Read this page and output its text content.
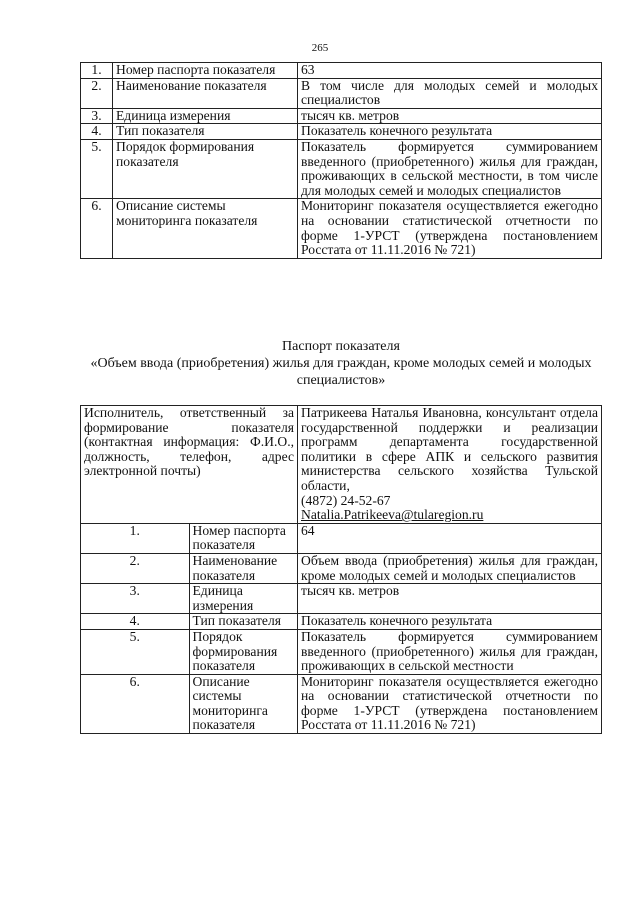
265
1.	Номер паспорта показателя	63
2.	Наименование показателя	В том числе для молодых семей и молодых специалистов
3.	Единица измерения	тысяч кв. метров
4.	Тип показателя	Показатель конечного результата
5.	Порядок формирования показателя	Показатель формируется суммированием введенного (приобретенного) жилья для граждан, проживающих в сельской местности, в том числе для молодых семей и молодых специалистов
6.	Описание системы мониторинга показателя	Мониторинг показателя осуществляется ежегодно на основании статистической отчетности по форме 1-УРСТ (утверждена постановлением Росстата от 11.11.2016 № 721)
Паспорт показателя
«Объем ввода (приобретения) жилья для граждан, кроме молодых семей и молодых специалистов»
Исполнитель, ответственный за формирование показателя (контактная информация: Ф.И.О., должность, телефон, адрес электронной почты)		Патрикеева Наталья Ивановна, консультант отдела государственной поддержки и реализации программ департамента государственной политики в сфере АПК и сельского развития министерства сельского хозяйства Тульской области,
(4872) 24-52-67
Natalia.Patrikeeva@tularegion.ru
1.	Номер паспорта показателя	64
2.	Наименование показателя	Объем ввода (приобретения) жилья для граждан, кроме молодых семей и молодых специалистов
3.	Единица измерения	тысяч кв. метров
4.	Тип показателя	Показатель конечного результата
5.	Порядок формирования показателя	Показатель формируется суммированием введенного (приобретенного) жилья для граждан, проживающих в сельской местности
6.	Описание системы мониторинга показателя	Мониторинг показателя осуществляется ежегодно на основании статистической отчетности по форме 1-УРСТ (утверждена постановлением Росстата от 11.11.2016 № 721)
